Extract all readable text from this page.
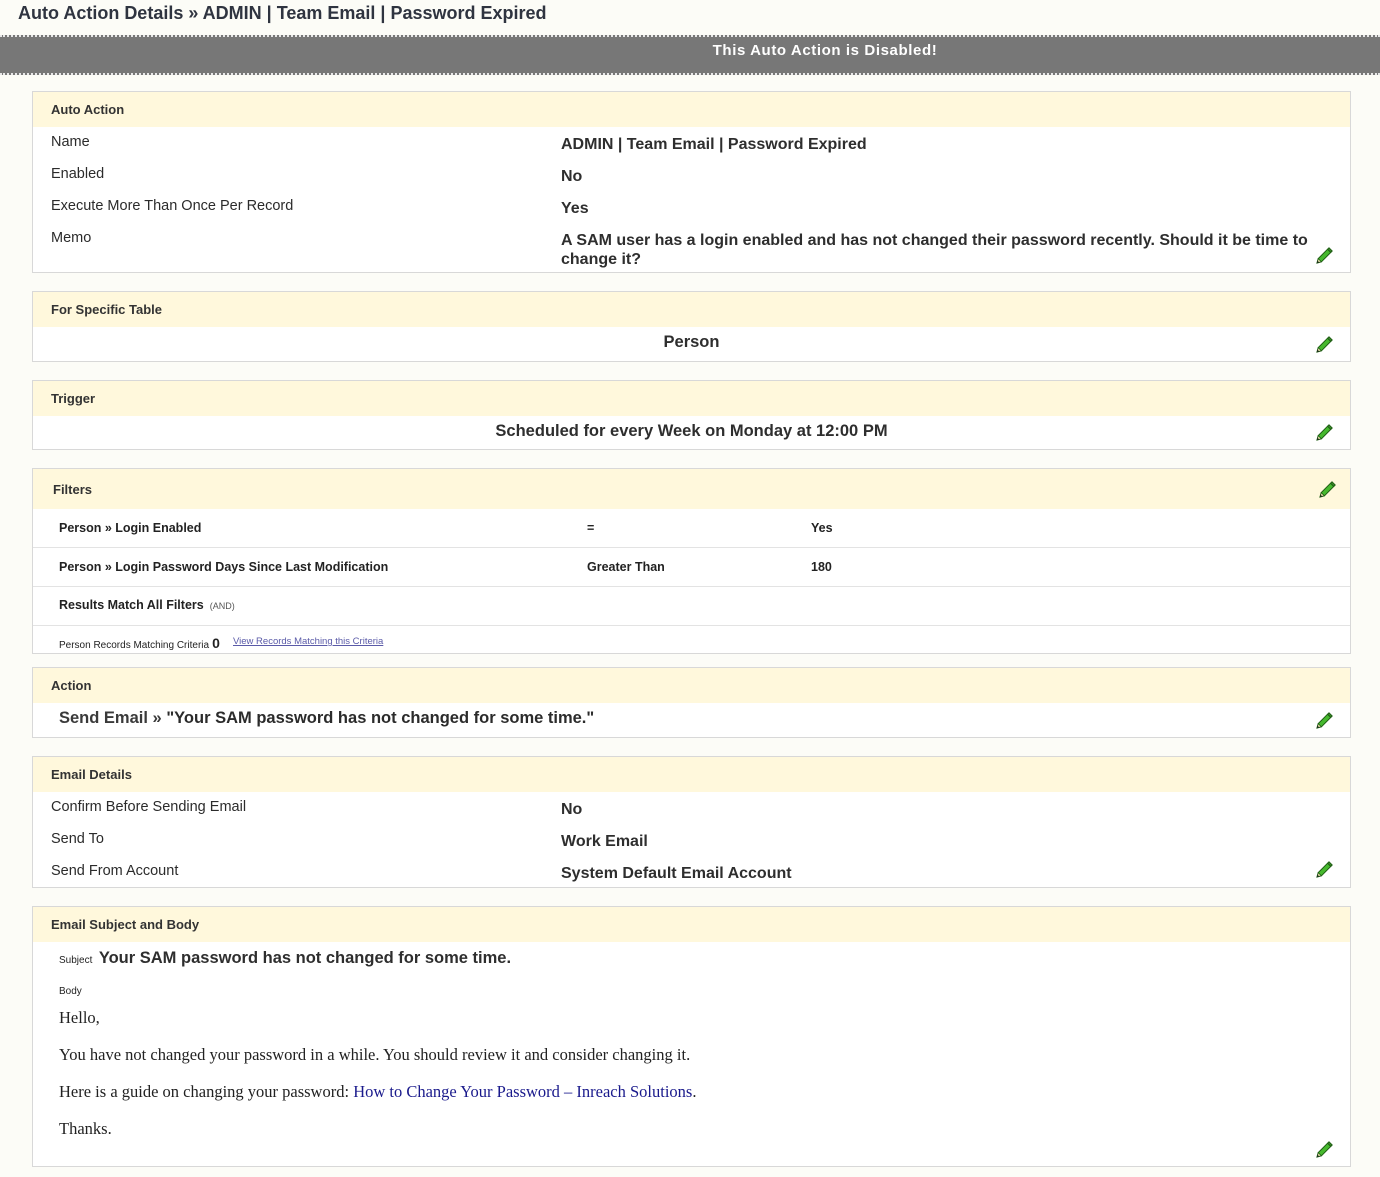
Auto Action Details » ADMIN | Team Email | Password Expired
This Auto Action is Disabled!
Auto Action
Name	ADMIN | Team Email | Password Expired
Enabled	No
Execute More Than Once Per Record	Yes
Memo	A SAM user has a login enabled and has not changed their password recently. Should it be time to change it?
For Specific Table
Person
Trigger
Scheduled for every Week on Monday at 12:00 PM
Filters
Person » Login Enabled	=	Yes
Person » Login Password Days Since Last Modification	Greater Than	180
Results Match All Filters (AND)
Person Records Matching Criteria 0 View Records Matching this Criteria
Action
Send Email » "Your SAM password has not changed for some time."
Email Details
Confirm Before Sending Email	No
Send To	Work Email
Send From Account	System Default Email Account
Email Subject and Body
Subject Your SAM password has not changed for some time.
Body

Hello,

You have not changed your password in a while. You should review it and consider changing it.

Here is a guide on changing your password: How to Change Your Password – Inreach Solutions.

Thanks.
